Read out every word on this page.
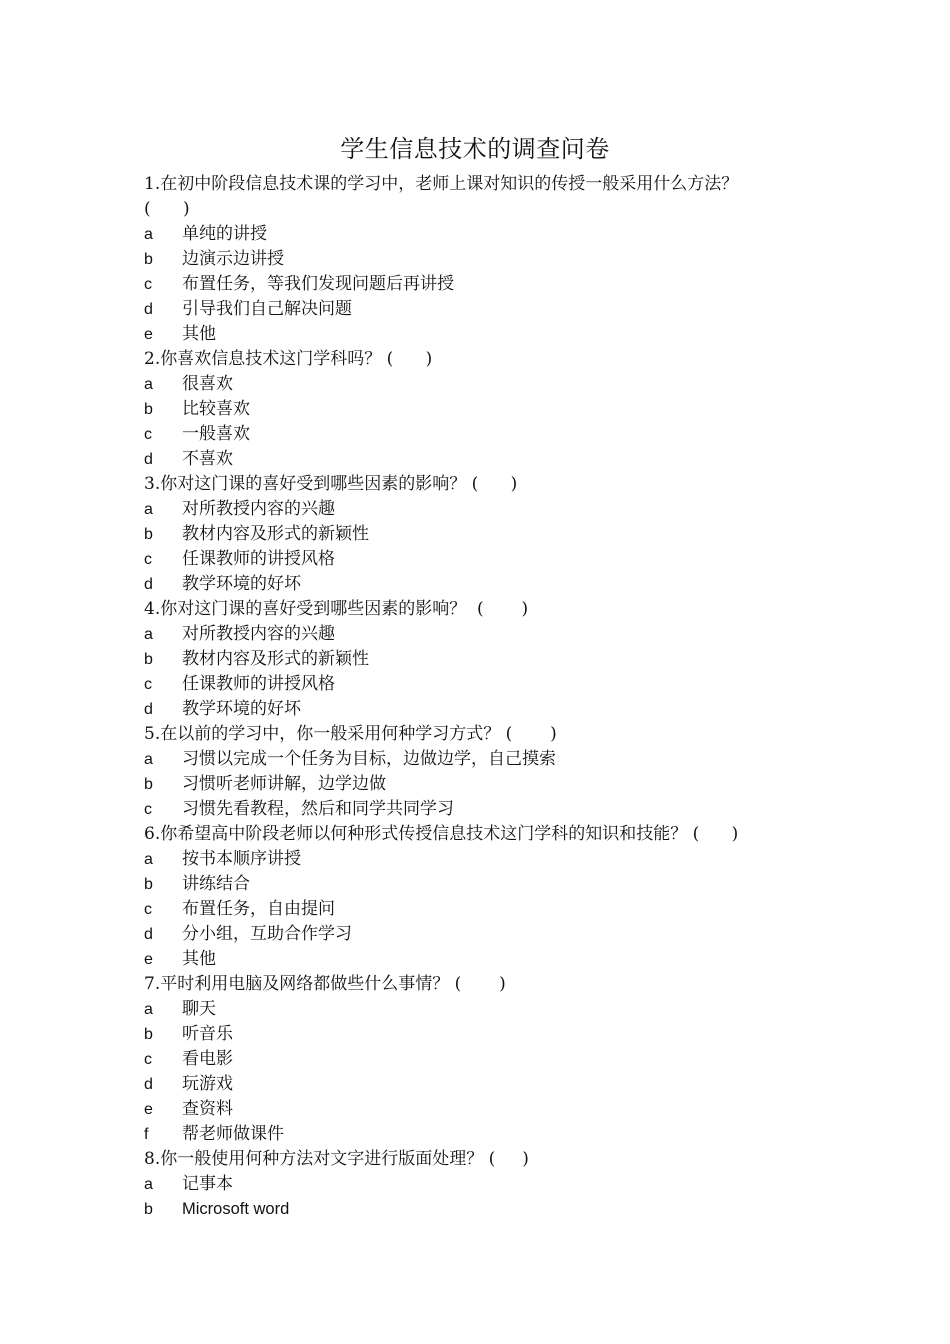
学生信息技术的调查问卷
1.在初中阶段信息技术课的学习中，老师上课对知识的传授一般采用什么方法？
(      )
a	单纯的讲授
b	边演示边讲授
c	布置任务，等我们发现问题后再讲授
d	引导我们自己解决问题
e	其他
2.你喜欢信息技术这门学科吗？ (      )
a	很喜欢
b	比较喜欢
c	一般喜欢
d	不喜欢
3.你对这门课的喜好受到哪些因素的影响？ (      )
a	对所教授内容的兴趣
b	教材内容及形式的新颖性
c	任课教师的讲授风格
d	教学环境的好坏
4.你对这门课的喜好受到哪些因素的影响？  (       )
a	对所教授内容的兴趣
b	教材内容及形式的新颖性
c	任课教师的讲授风格
d	教学环境的好坏
5.在以前的学习中，你一般采用何种学习方式？ (       )
a	习惯以完成一个任务为目标，边做边学，自己摸索
b	习惯听老师讲解，边学边做
c	习惯先看教程，然后和同学共同学习
6.你希望高中阶段老师以何种形式传授信息技术这门学科的知识和技能？ (      )
a	按书本顺序讲授
b	讲练结合
c	布置任务，自由提问
d	分小组，互助合作学习
e	其他
7.平时利用电脑及网络都做些什么事情？ (       )
a	聊天
b	听音乐
c	看电影
d	玩游戏
e	查资料
f	帮老师做课件
8.你一般使用何种方法对文字进行版面处理？ (     )
a	记事本
b	Microsoft word
